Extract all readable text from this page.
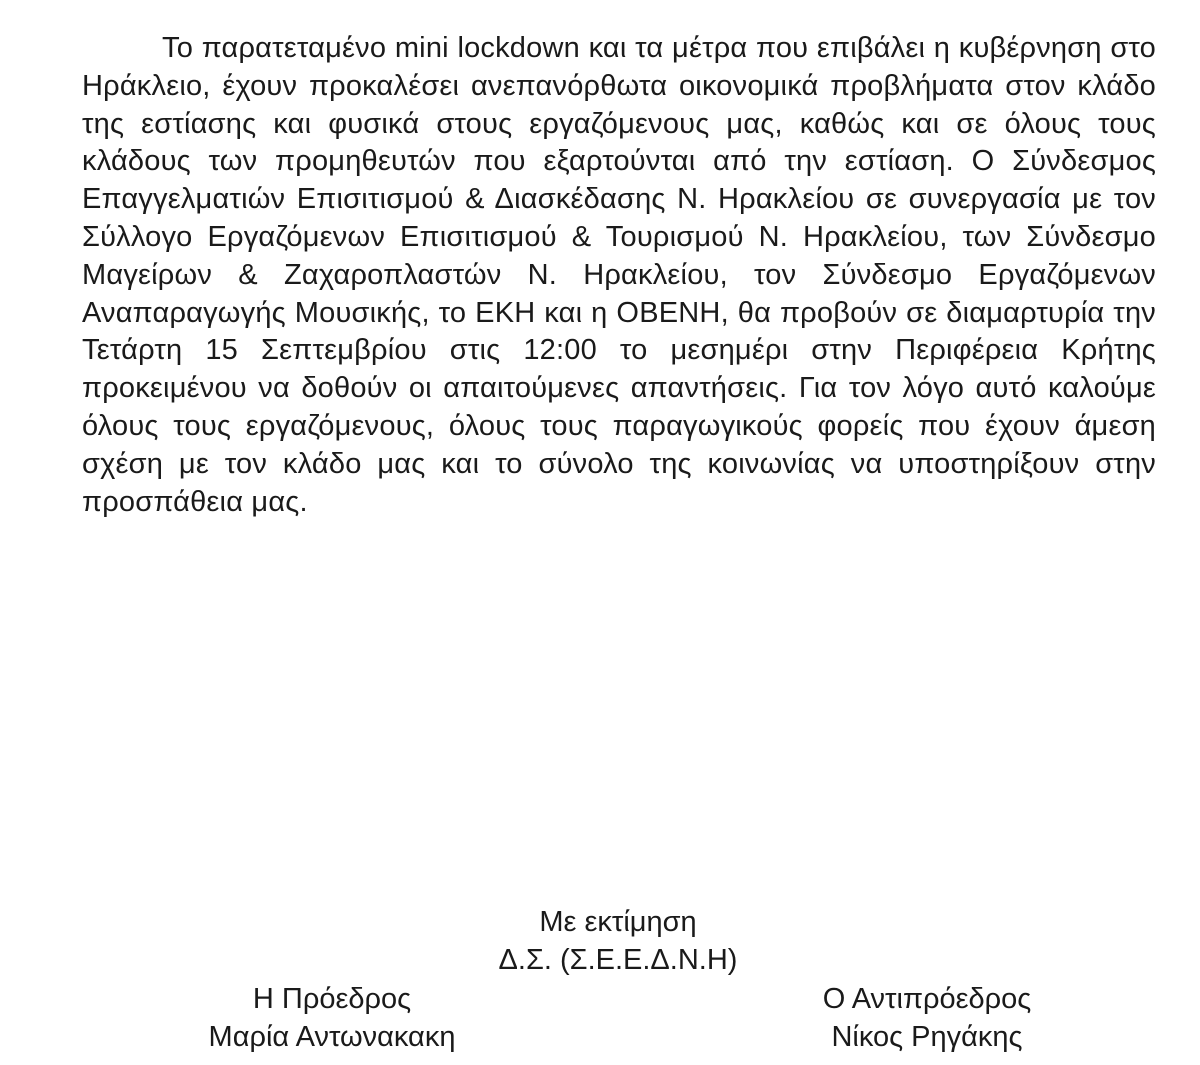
Το παρατεταμένο mini lockdown και τα μέτρα που επιβάλει η κυβέρνηση στο Ηράκλειο, έχουν προκαλέσει ανεπανόρθωτα οικονομικά προβλήματα στον κλάδο της εστίασης και φυσικά στους εργαζόμενους μας, καθώς και σε όλους τους κλάδους των προμηθευτών που εξαρτούνται από την εστίαση. Ο Σύνδεσμος Επαγγελματιών Επισιτισμού & Διασκέδασης Ν. Ηρακλείου σε συνεργασία με τον Σύλλογο Εργαζόμενων Επισιτισμού & Τουρισμού Ν. Ηρακλείου, των Σύνδεσμο Μαγείρων & Ζαχαροπλαστών Ν. Ηρακλείου, τον Σύνδεσμο Εργαζόμενων Αναπαραγωγής Μουσικής, το ΕΚΗ και η ΟΒΕΝΗ, θα προβούν σε διαμαρτυρία την Τετάρτη 15 Σεπτεμβρίου στις 12:00 το μεσημέρι στην Περιφέρεια Κρήτης προκειμένου να δοθούν οι απαιτούμενες απαντήσεις. Για τον λόγο αυτό καλούμε όλους τους εργαζόμενους, όλους τους παραγωγικούς φορείς που έχουν άμεση σχέση με τον κλάδο μας και το σύνολο της κοινωνίας να υποστηρίξουν στην προσπάθεια μας.

Με εκτίμηση
Δ.Σ. (Σ.Ε.Ε.Δ.Ν.Η)
Η Πρόεδρος
Μαρία Αντωνακακη
Ο Αντιπρόεδρος
Νίκος Ρηγάκης
